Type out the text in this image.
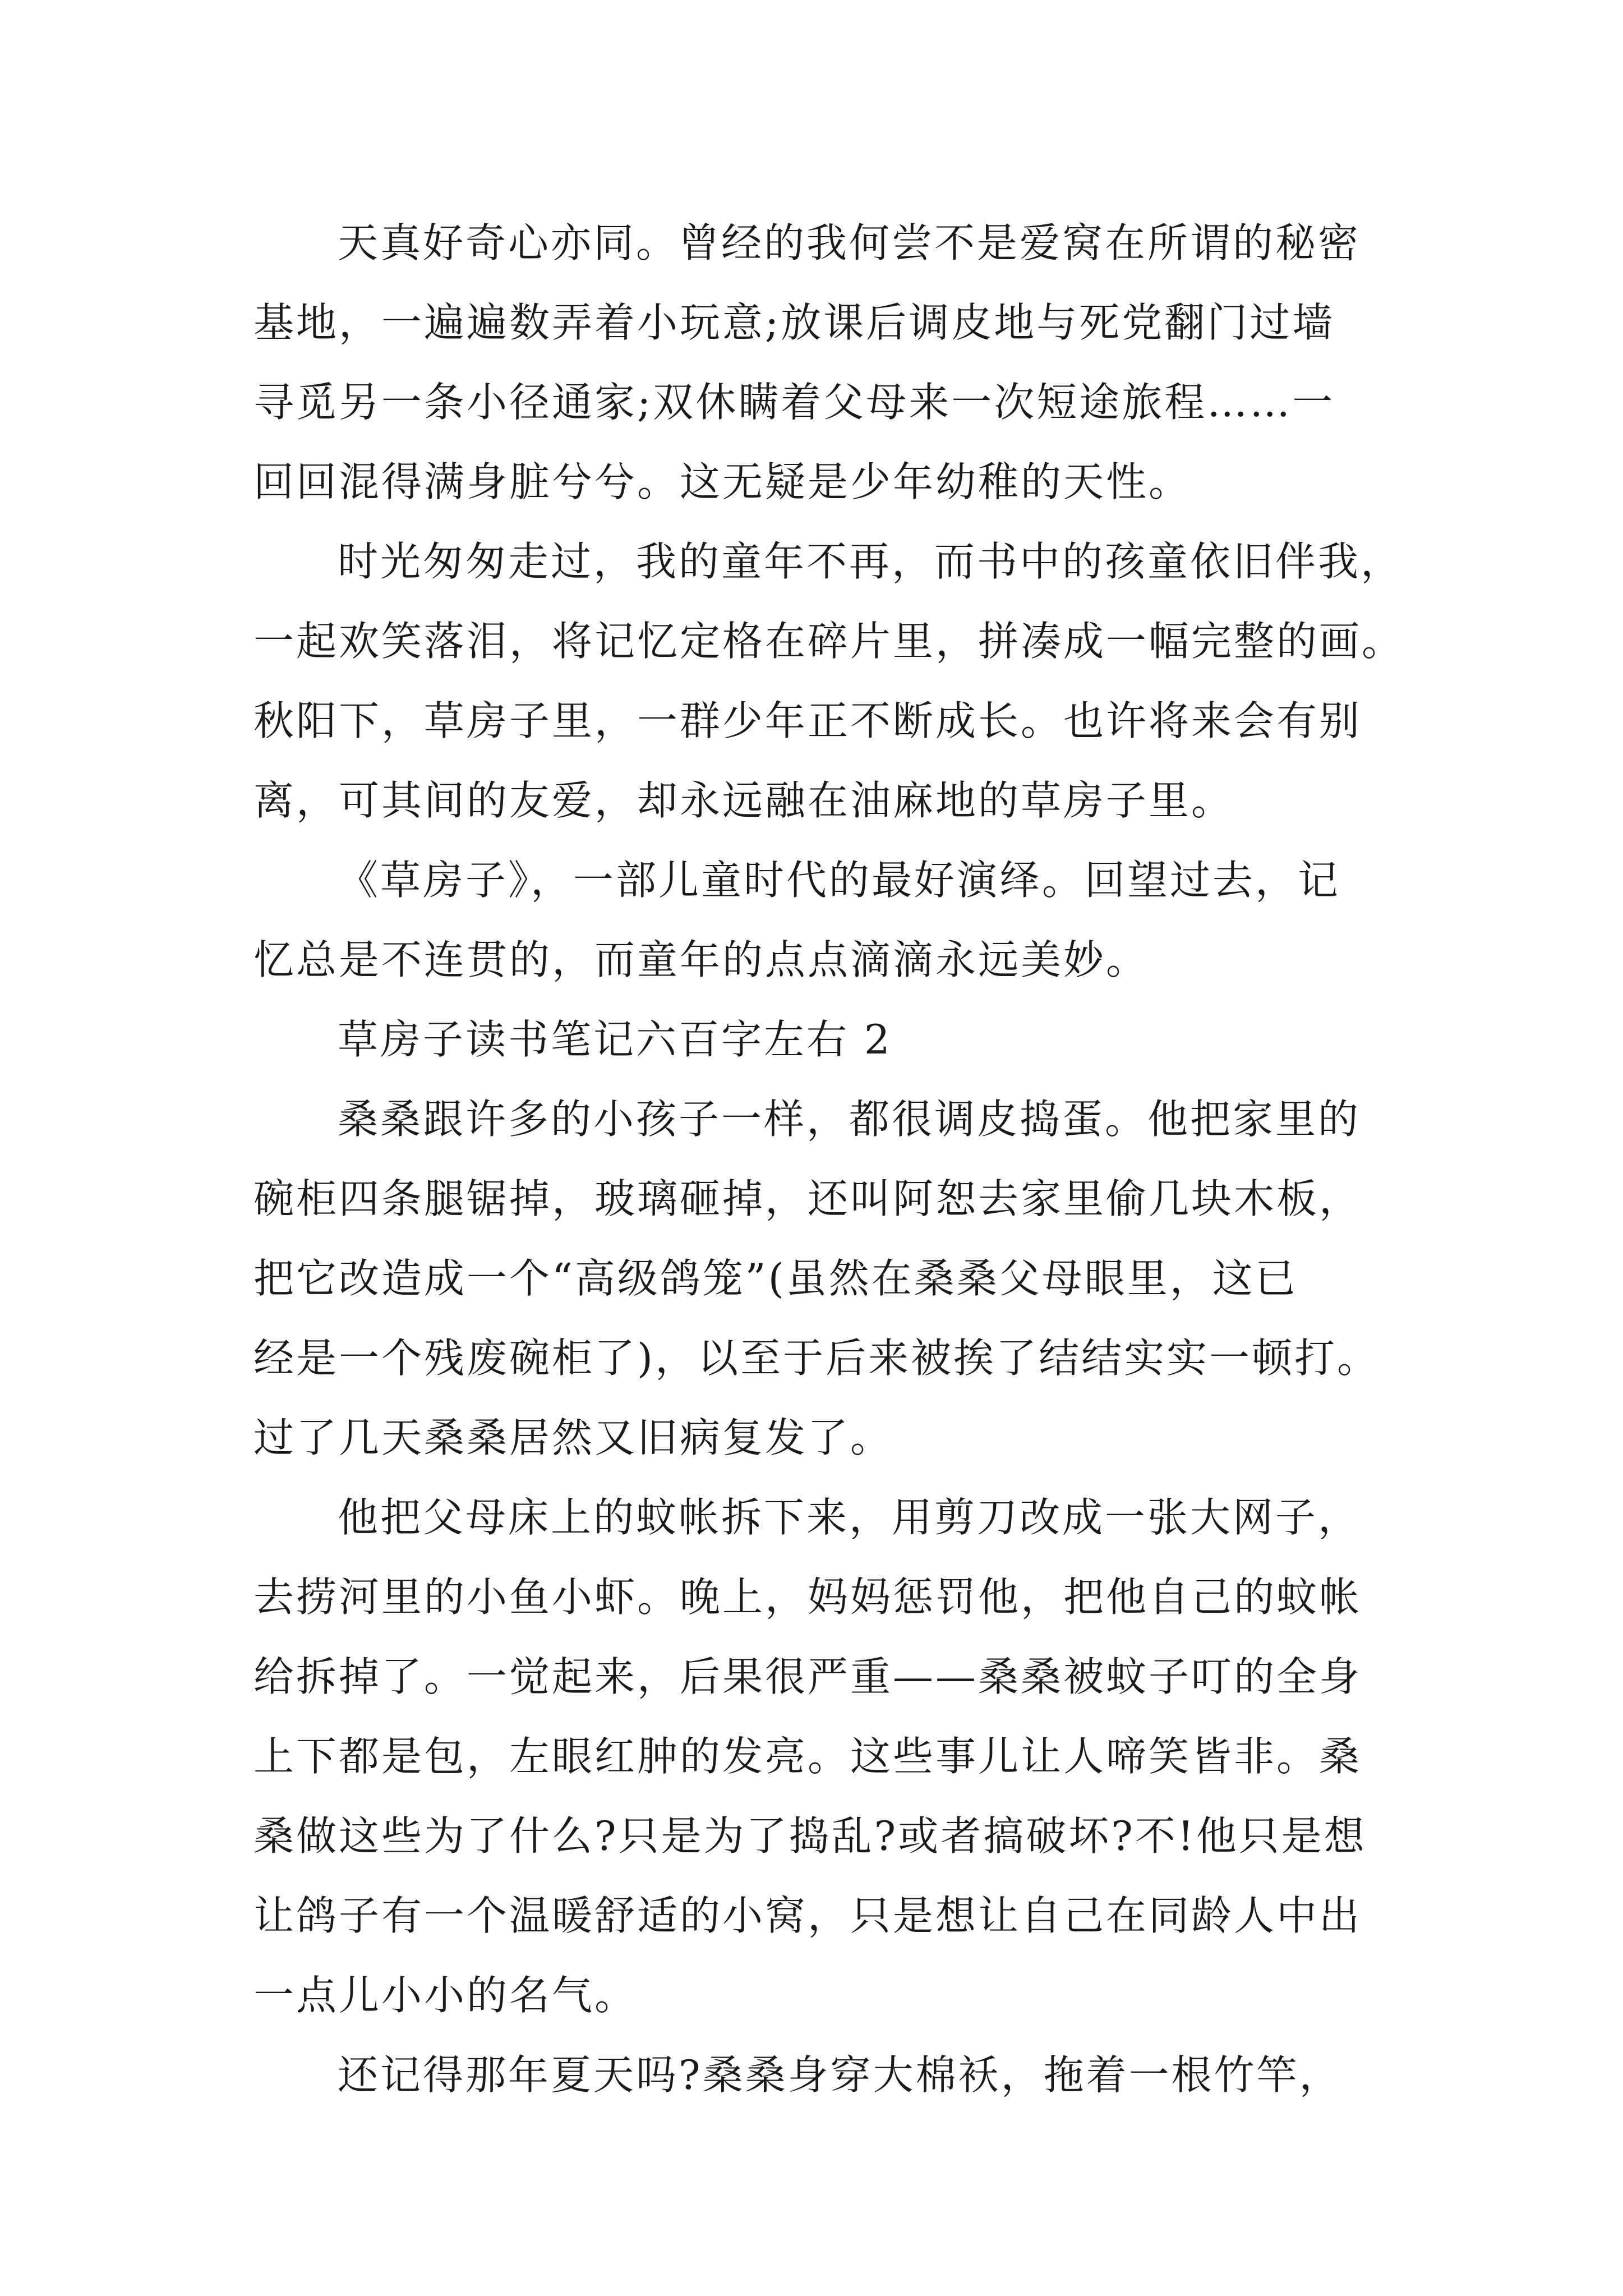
天真好奇心亦同。曾经的我何尝不是爱窝在所谓的秘密

基地，一遍遍数弄着小玩意;放课后调皮地与死党翻门过墙

寻觅另一条小径通家;双休瞒着父母来一次短途旅程……一

回回混得满身脏兮兮。这无疑是少年幼稚的天性。

时光匆匆走过，我的童年不再，而书中的孩童依旧伴我，

一起欢笑落泪，将记忆定格在碎片里，拼凑成一幅完整的画。

秋阳下，草房子里，一群少年正不断成长。也许将来会有别

离，可其间的友爱，却永远融在油麻地的草房子里。

《草房子》，一部儿童时代的最好演绎。回望过去，记

忆总是不连贯的，而童年的点点滴滴永远美妙。

草房子读书笔记六百字左右 2

桑桑跟许多的小孩子一样，都很调皮捣蛋。他把家里的

碗柜四条腿锯掉，玻璃砸掉，还叫阿恕去家里偷几块木板，

把它改造成一个“高级鸽笼”(虽然在桑桑父母眼里，这已

经是一个残废碗柜了)，以至于后来被挨了结结实实一顿打。

过了几天桑桑居然又旧病复发了。

他把父母床上的蚊帐拆下来，用剪刀改成一张大网子，

去捞河里的小鱼小虾。晚上，妈妈惩罚他，把他自己的蚊帐

给拆掉了。一觉起来，后果很严重——桑桑被蚊子叮的全身

上下都是包，左眼红肿的发亮。这些事儿让人啼笑皆非。桑

桑做这些为了什么?只是为了捣乱?或者搞破坏?不!他只是想

让鸽子有一个温暖舒适的小窝，只是想让自己在同龄人中出

一点儿小小的名气。

还记得那年夏天吗?桑桑身穿大棉袄，拖着一根竹竿，
